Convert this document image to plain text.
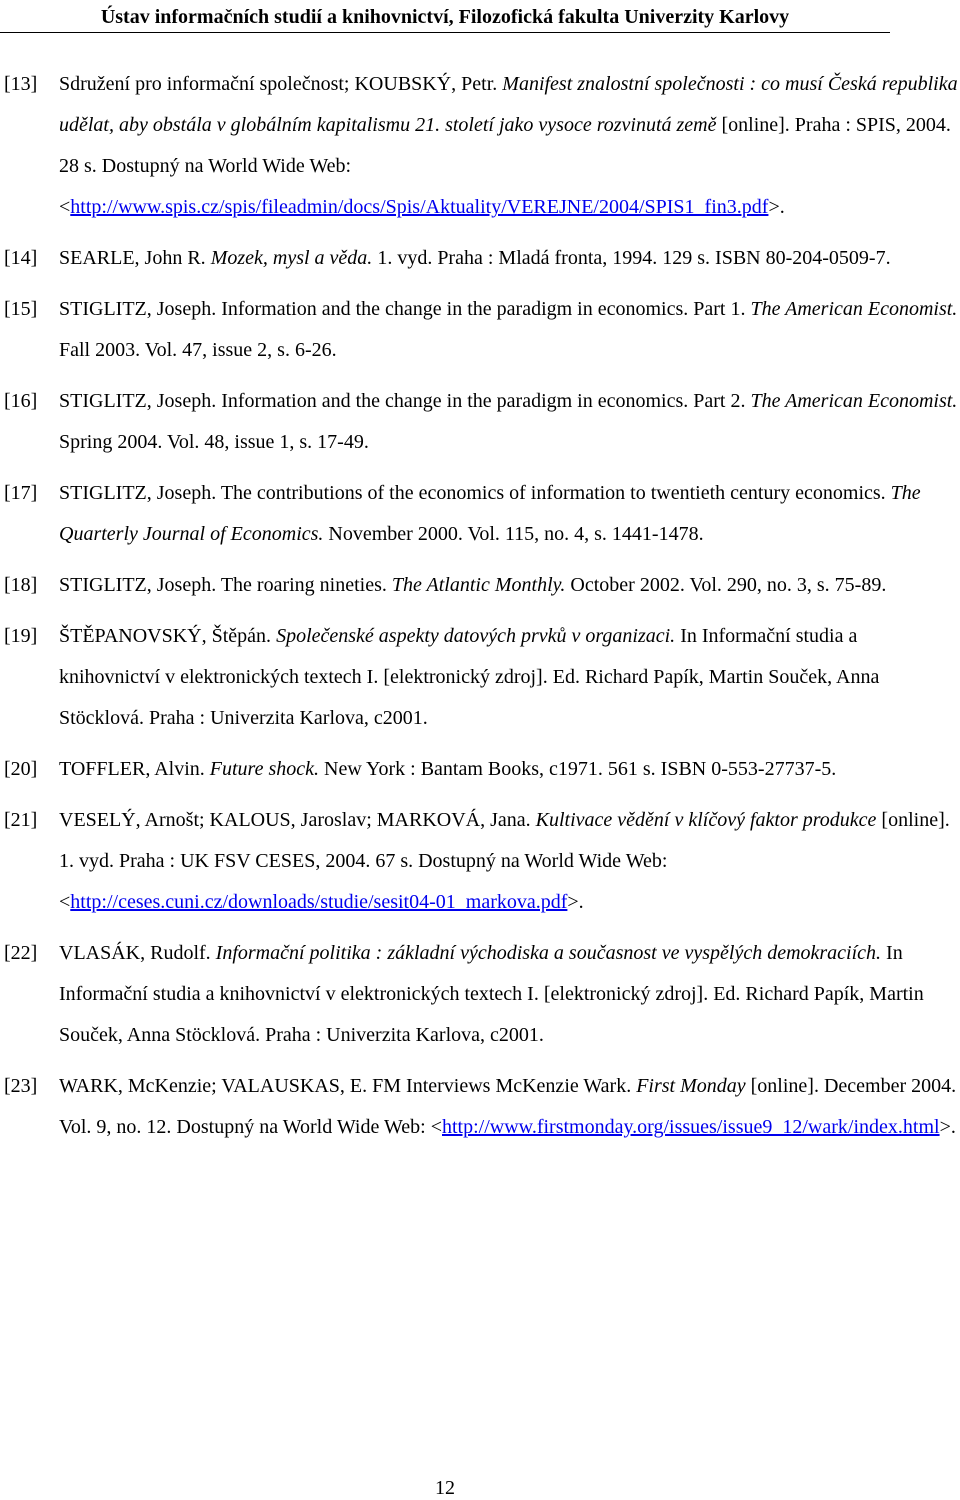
Ústav informačních studií a knihovnictví, Filozofická fakulta Univerzity Karlovy
[13] Sdružení pro informační společnost; KOUBSKÝ, Petr. Manifest znalostní společnosti : co musí Česká republika udělat, aby obstála v globálním kapitalismu 21. století jako vysoce rozvinutá země [online]. Praha : SPIS, 2004. 28 s. Dostupný na World Wide Web: <http://www.spis.cz/spis/fileadmin/docs/Spis/Aktuality/VEREJNE/2004/SPIS1_fin3.pdf>.
[14] SEARLE, John R. Mozek, mysl a věda. 1. vyd. Praha : Mladá fronta, 1994. 129 s. ISBN 80-204-0509-7.
[15] STIGLITZ, Joseph. Information and the change in the paradigm in economics. Part 1. The American Economist. Fall 2003. Vol. 47, issue 2, s. 6-26.
[16] STIGLITZ, Joseph. Information and the change in the paradigm in economics. Part 2. The American Economist. Spring 2004. Vol. 48, issue 1, s. 17-49.
[17] STIGLITZ, Joseph. The contributions of the economics of information to twentieth century economics. The Quarterly Journal of Economics. November 2000. Vol. 115, no. 4, s. 1441-1478.
[18] STIGLITZ, Joseph. The roaring nineties. The Atlantic Monthly. October 2002. Vol. 290, no. 3, s. 75-89.
[19] ŠTĚPANOVSKÝ, Štěpán. Společenské aspekty datových prvků v organizaci. In Informační studia a knihovnictví v elektronických textech I. [elektronický zdroj]. Ed. Richard Papík, Martin Souček, Anna Stöcklová. Praha : Univerzita Karlova, c2001.
[20] TOFFLER, Alvin. Future shock. New York : Bantam Books, c1971. 561 s. ISBN 0-553-27737-5.
[21] VESELÝ, Arnošt; KALOUS, Jaroslav; MARKOVÁ, Jana. Kultivace vědění v klíčový faktor produkce [online]. 1. vyd. Praha : UK FSV CESES, 2004. 67 s. Dostupný na World Wide Web: <http://ceses.cuni.cz/downloads/studie/sesit04-01_markova.pdf>.
[22] VLASÁK, Rudolf. Informační politika : základní východiska a současnost ve vyspělých demokraciích. In Informační studia a knihovnictví v elektronických textech I. [elektronický zdroj]. Ed. Richard Papík, Martin Souček, Anna Stöcklová. Praha : Univerzita Karlova, c2001.
[23] WARK, McKenzie; VALAUSKAS, E. FM Interviews McKenzie Wark. First Monday [online]. December 2004. Vol. 9, no. 12. Dostupný na World Wide Web: <http://www.firstmonday.org/issues/issue9_12/wark/index.html>.
12
